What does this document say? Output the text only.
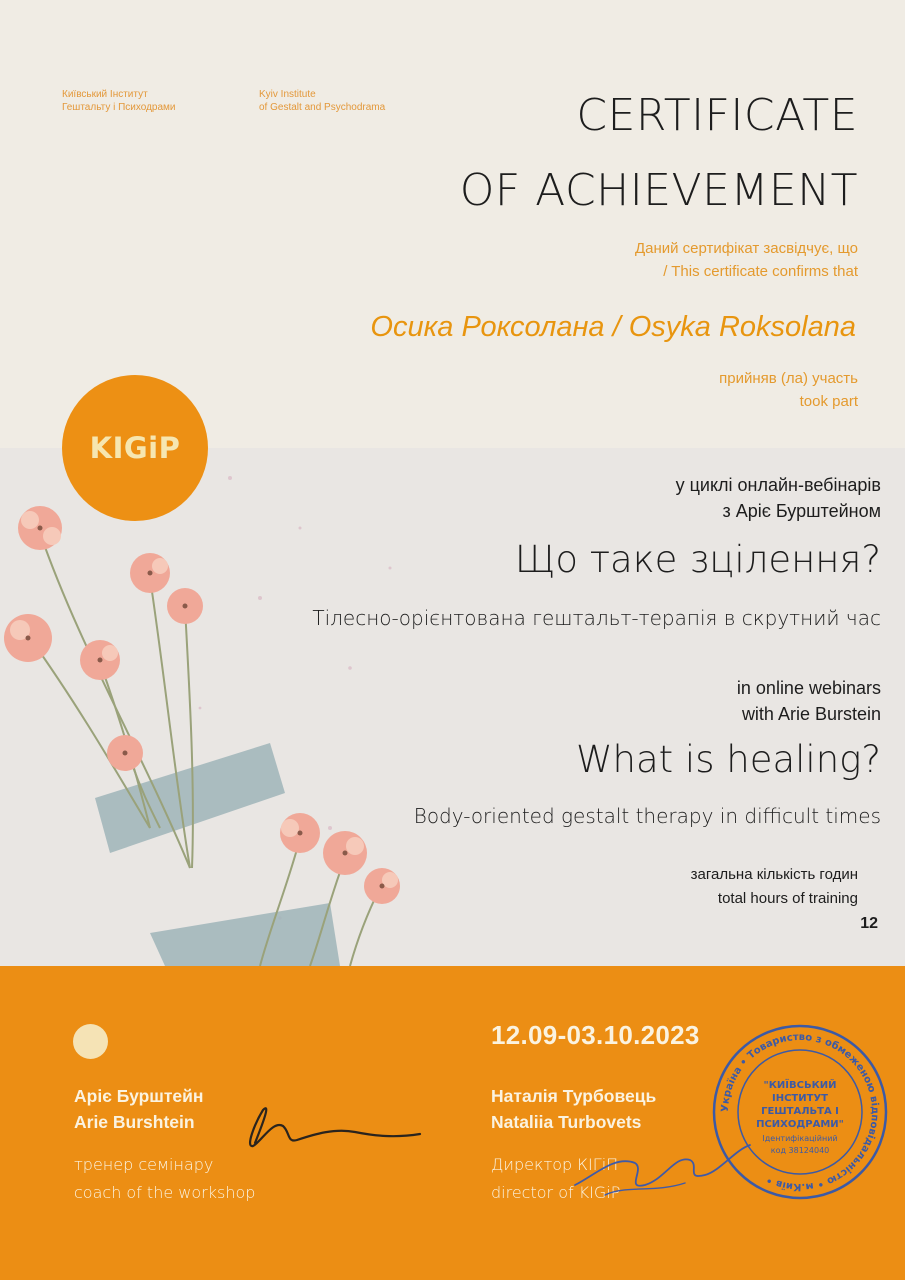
Київський Інститут
Гештальту і Психодрами
Kyiv Institute
of Gestalt and Psychodrama	CERTIFICATE
OF ACHIEVEMENT
Даний сертифікат засвідчує, що
/ This certificate confirms that
Осика Роксолана / Osyka Roksolana
прийняв (ла) участь
took part
KIGiP
у циклі онлайн-вебінарів
з Аріє Бурштейном
Що таке зцілення?
Тілесно-орієнтована гештальт-терапія в скрутний час
in online webinars
with Arie Burstein
What is healing?
Body-oriented gestalt therapy in difficult times
загальна кількість годин
total hours of training
12
12.09-03.10.2023
Аріє Бурштейн
Arie Burshtein
тренер семінару
coach of the workshop
Наталія Турбовець
Nataliia Turbovets
Директор КІГіП
director of KIGiP
Україна • Товариство з обмеженою відповідальністю • м.Київ •
"КИЇВСЬКИЙ
ІНСТИТУТ
ГЕШТАЛЬТА І
ПСИХОДРАМИ"
Ідентифікаційний
код 38124040
